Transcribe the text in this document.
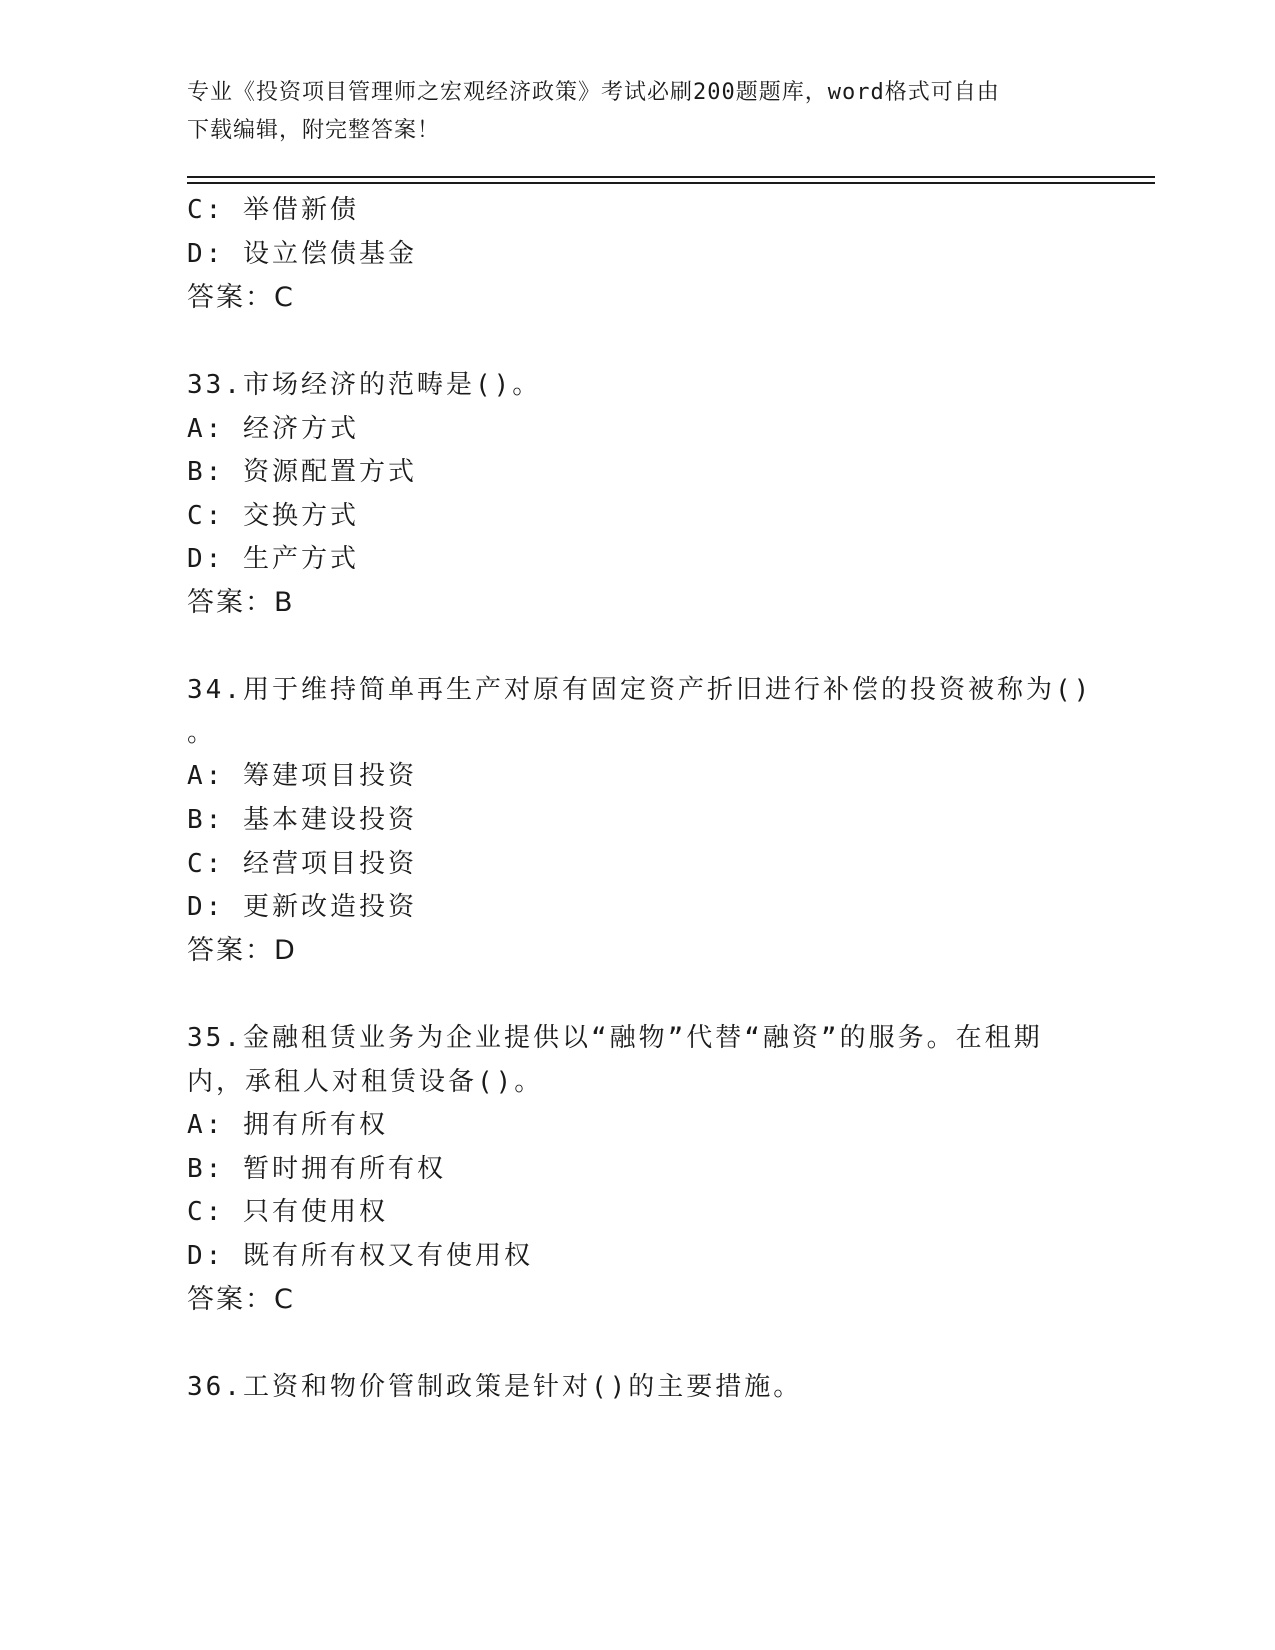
专业《投资项目管理师之宏观经济政策》考试必刷200题题库，word格式可自由
下载编辑，附完整答案！
C: 举借新债
D: 设立偿债基金
答案：C
33.市场经济的范畴是()。
A: 经济方式
B: 资源配置方式
C: 交换方式
D: 生产方式
答案：B
34.用于维持简单再生产对原有固定资产折旧进行补偿的投资被称为()
。
A: 筹建项目投资
B: 基本建设投资
C: 经营项目投资
D: 更新改造投资
答案：D
35.金融租赁业务为企业提供以“融物”代替“融资”的服务。在租期
内，承租人对租赁设备()。
A: 拥有所有权
B: 暂时拥有所有权
C: 只有使用权
D: 既有所有权又有使用权
答案：C
36.工资和物价管制政策是针对()的主要措施。
